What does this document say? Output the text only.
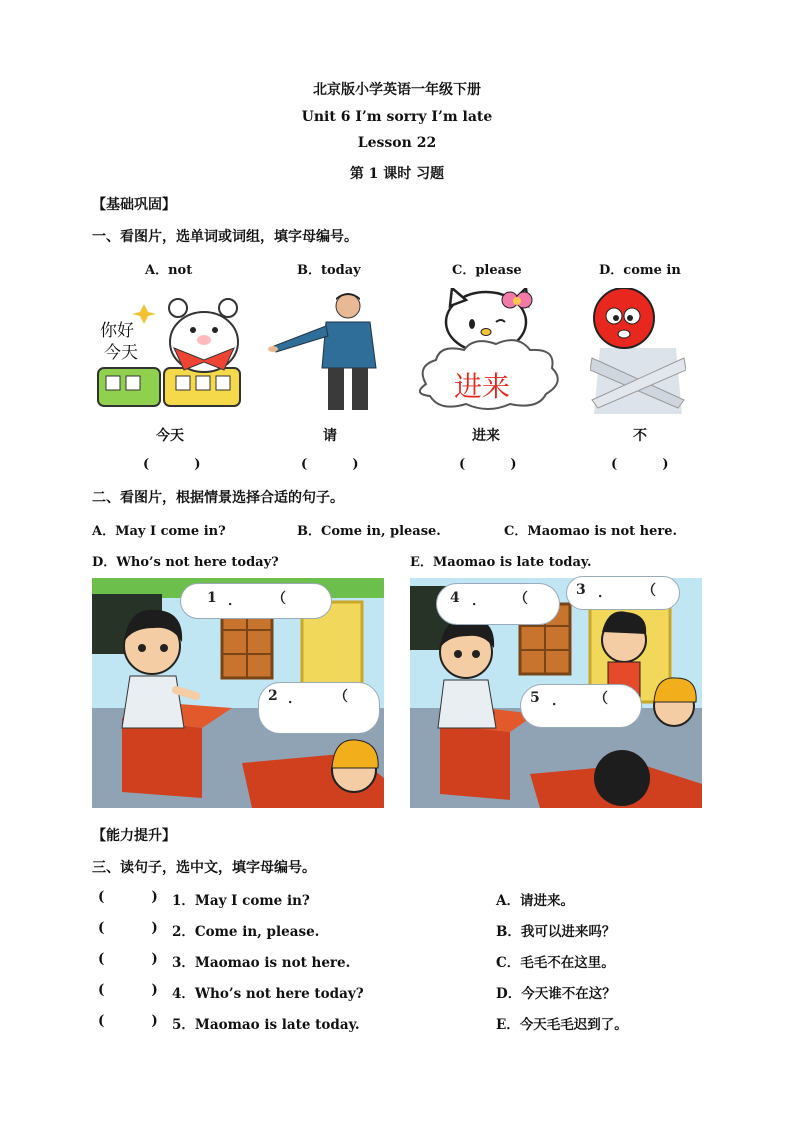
北京版小学英语一年级下册
Unit 6 I’m sorry I’m late
Lesson 22
第 1 课时 习题
【基础巩固】
一、看图片，选单词或词组，填字母编号。
A．not	B．today	C．please	D．come in
你好
今天
进来
今天	请	进来	不
(          )	(          )	(          )	(          )
二、看图片，根据情景选择合适的句子。
A．May I come in?	B．Come in, please.	C．Maomao is not here.
D．Who’s not here today?	E．Maomao is late today.
1 ． （
2 ． （
4 ． （
3 ． （
5 ． （
【能力提升】
三、读句子，选中文，填字母编号。
(          ) 1．May I come in?	A．请进来。
(          ) 2．Come in, please.	B．我可以进来吗？
(          ) 3．Maomao is not here.	C．毛毛不在这里。
(          ) 4．Who’s not here today?	D．今天谁不在这？
(          ) 5．Maomao is late today.	E．今天毛毛迟到了。
